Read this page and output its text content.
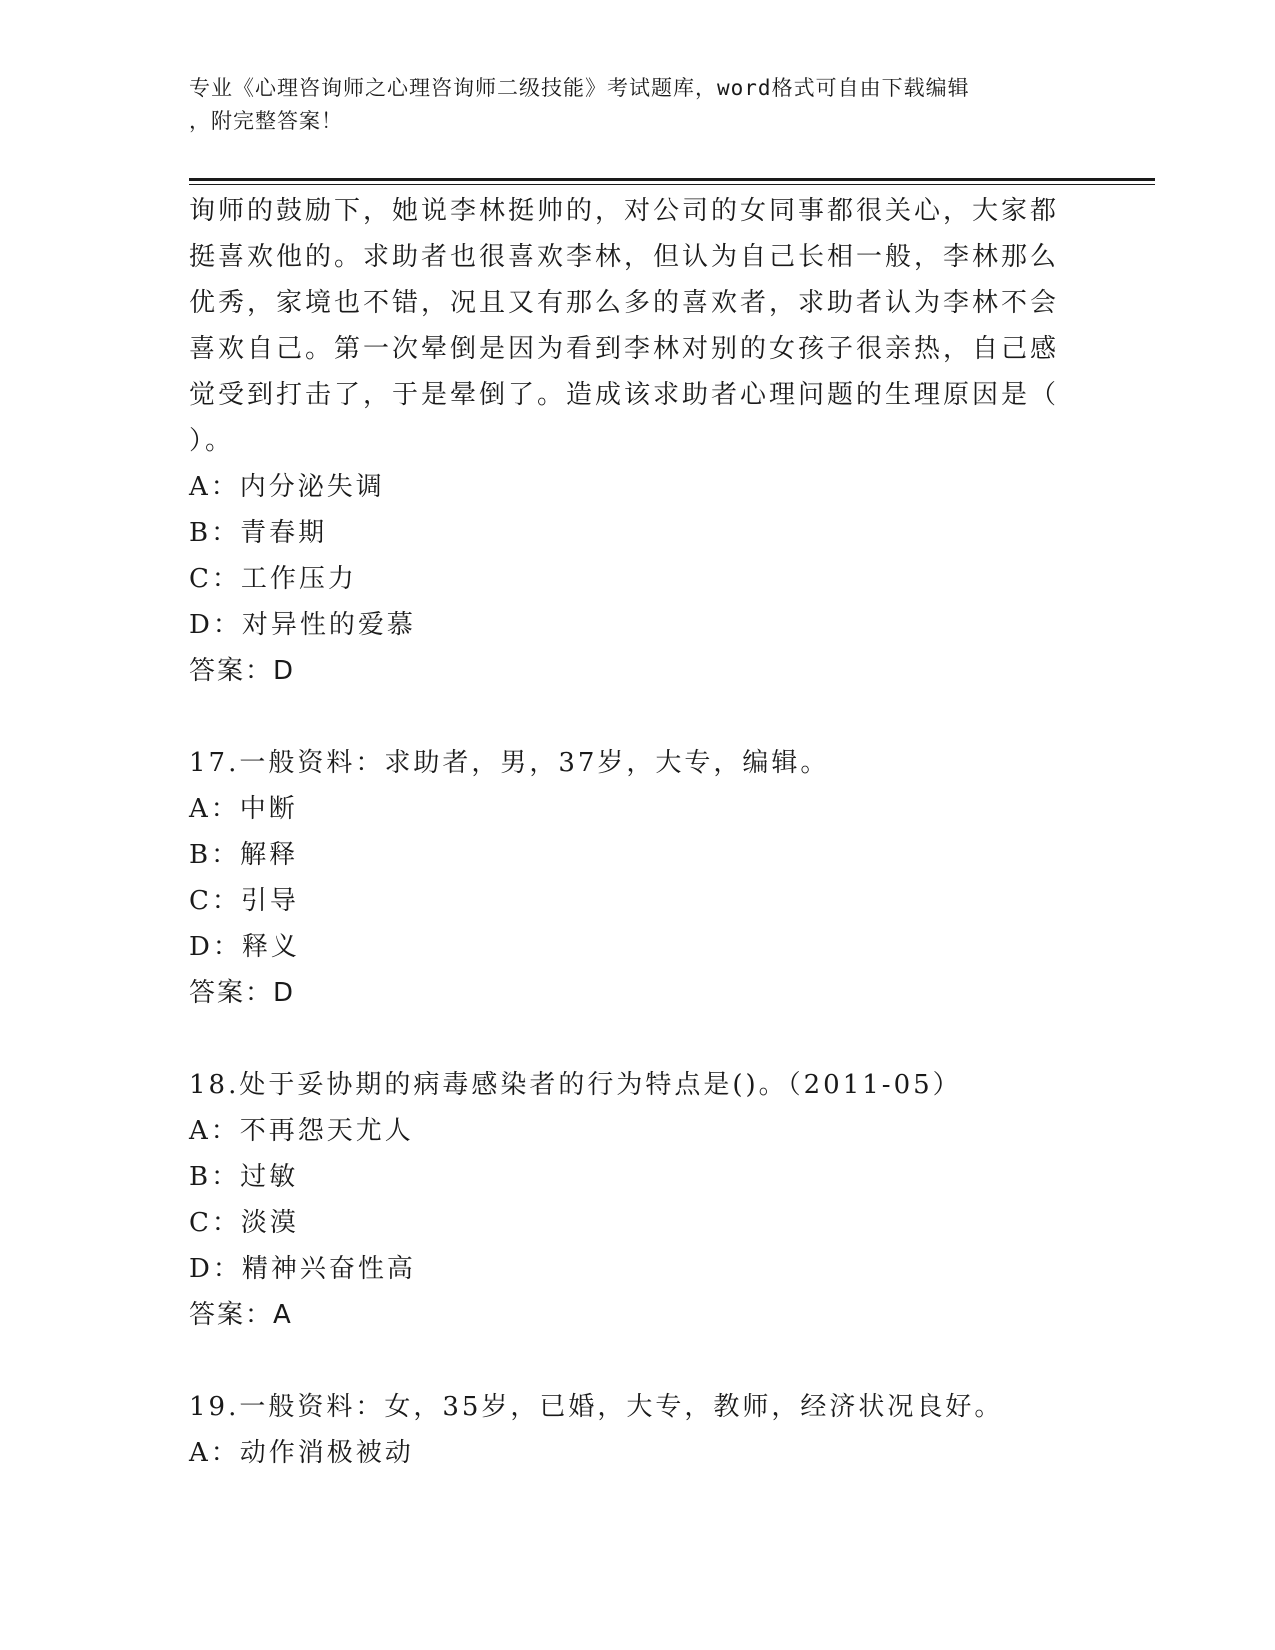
专业《心理咨询师之心理咨询师二级技能》考试题库，word格式可自由下载编辑
，附完整答案！
询师的鼓励下，她说李林挺帅的，对公司的女同事都很关心，大家都
挺喜欢他的。求助者也很喜欢李林，但认为自己长相一般，李林那么
优秀，家境也不错，况且又有那么多的喜欢者，求助者认为李林不会
喜欢自己。第一次晕倒是因为看到李林对别的女孩子很亲热，自己感
觉受到打击了，于是晕倒了。造成该求助者心理问题的生理原因是（
）。
A：内分泌失调
B：青春期
C：工作压力
D：对异性的爱慕
答案：D
17.一般资料：求助者，男，37岁，大专，编辑。
A：中断
B：解释
C：引导
D：释义
答案：D
18.处于妥协期的病毒感染者的行为特点是()。（2011-05）
A：不再怨天尤人
B：过敏
C：淡漠
D：精神兴奋性高
答案：A
19.一般资料：女，35岁，已婚，大专，教师，经济状况良好。
A：动作消极被动
